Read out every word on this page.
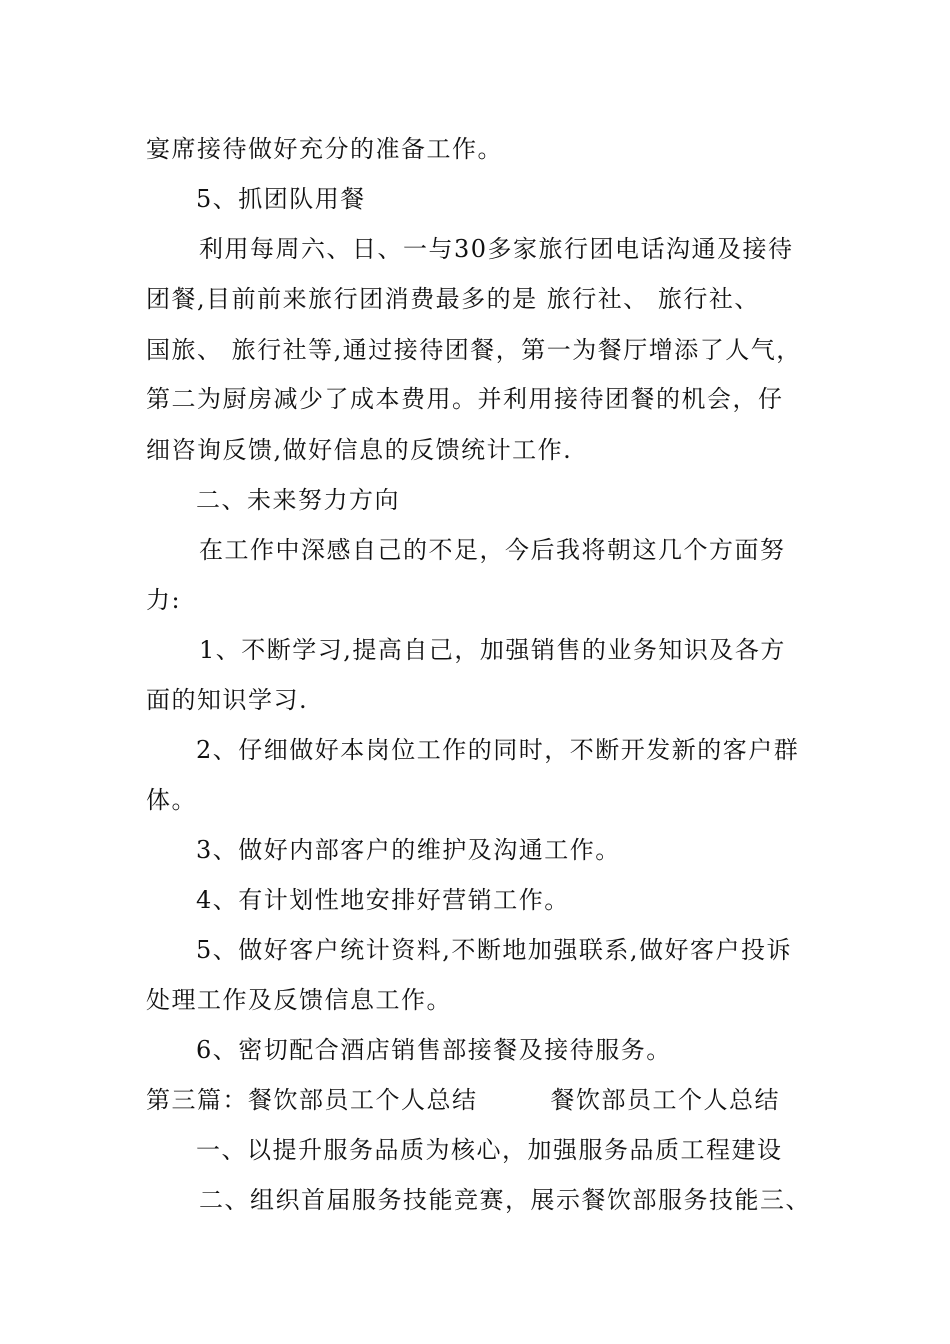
宴席接待做好充分的准备工作。
5、抓团队用餐
利用每周六、日、一与30多家旅行团电话沟通及接待
团餐,目前前来旅行团消费最多的是 旅行社、 旅行社、
国旅、 旅行社等,通过接待团餐，第一为餐厅增添了人气，
第二为厨房减少了成本费用。并利用接待团餐的机会，仔
细咨询反馈,做好信息的反馈统计工作.
二、未来努力方向
在工作中深感自己的不足，今后我将朝这几个方面努
力:
1、不断学习,提高自己，加强销售的业务知识及各方
面的知识学习.
2、仔细做好本岗位工作的同时，不断开发新的客户群
体。
3、做好内部客户的维护及沟通工作。
4、有计划性地安排好营销工作。
5、做好客户统计资料,不断地加强联系,做好客户投诉
处理工作及反馈信息工作。
6、密切配合酒店销售部接餐及接待服务。
第三篇：餐饮部员工个人总结        餐饮部员工个人总结
一、以提升服务品质为核心，加强服务品质工程建设
二、组织首届服务技能竞赛，展示餐饮部服务技能三、
